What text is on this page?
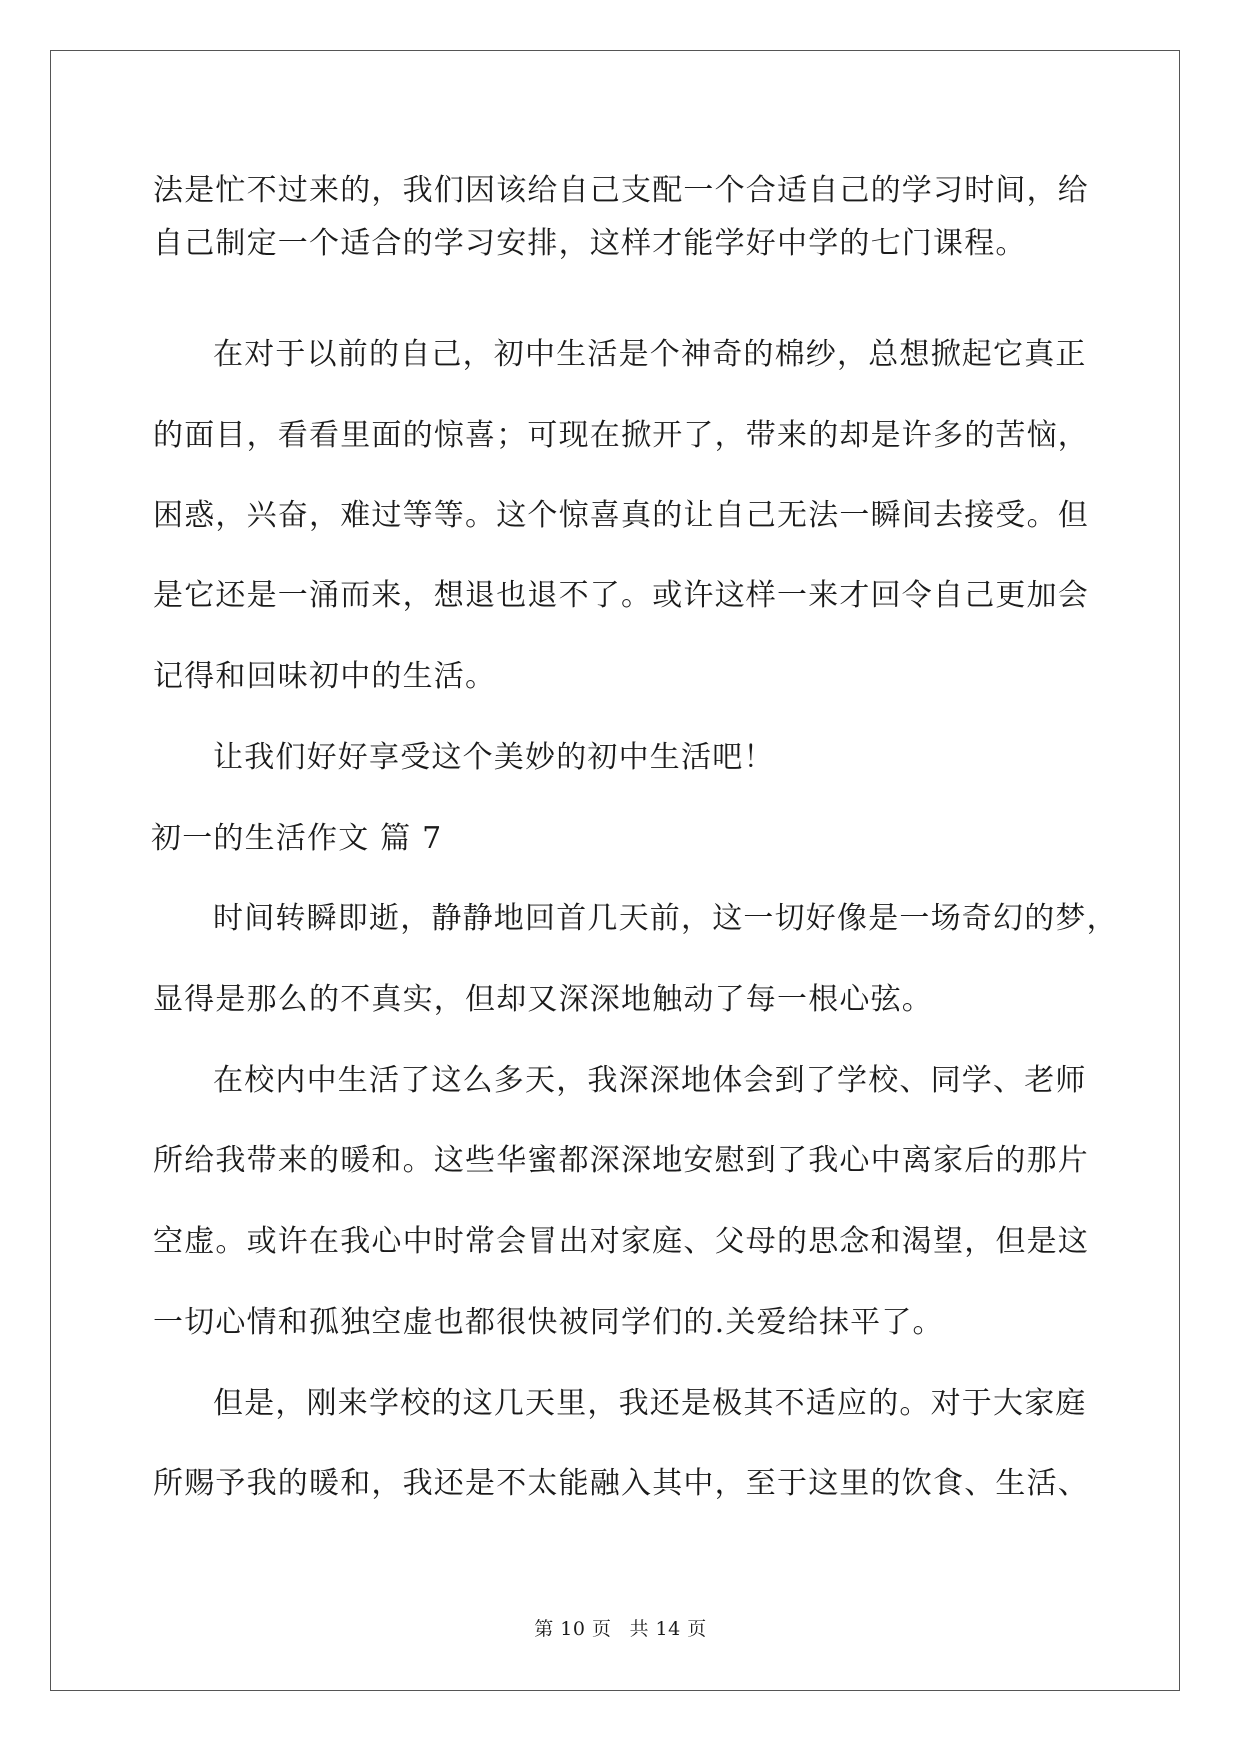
法是忙不过来的，我们因该给自己支配一个合适自己的学习时间，给
自己制定一个适合的学习安排，这样才能学好中学的七门课程。
在对于以前的自己，初中生活是个神奇的棉纱，总想掀起它真正
的面目，看看里面的惊喜；可现在掀开了，带来的却是许多的苦恼，
困惑，兴奋，难过等等。这个惊喜真的让自己无法一瞬间去接受。但
是它还是一涌而来，想退也退不了。或许这样一来才回令自己更加会
记得和回味初中的生活。
让我们好好享受这个美妙的初中生活吧！
初一的生活作文 篇 7
时间转瞬即逝，静静地回首几天前，这一切好像是一场奇幻的梦，
显得是那么的不真实，但却又深深地触动了每一根心弦。
在校内中生活了这么多天，我深深地体会到了学校、同学、老师
所给我带来的暖和。这些华蜜都深深地安慰到了我心中离家后的那片
空虚。或许在我心中时常会冒出对家庭、父母的思念和渴望，但是这
一切心情和孤独空虚也都很快被同学们的.关爱给抹平了。
但是，刚来学校的这几天里，我还是极其不适应的。对于大家庭
所赐予我的暖和，我还是不太能融入其中，至于这里的饮食、生活、
第 10 页 共 14 页
